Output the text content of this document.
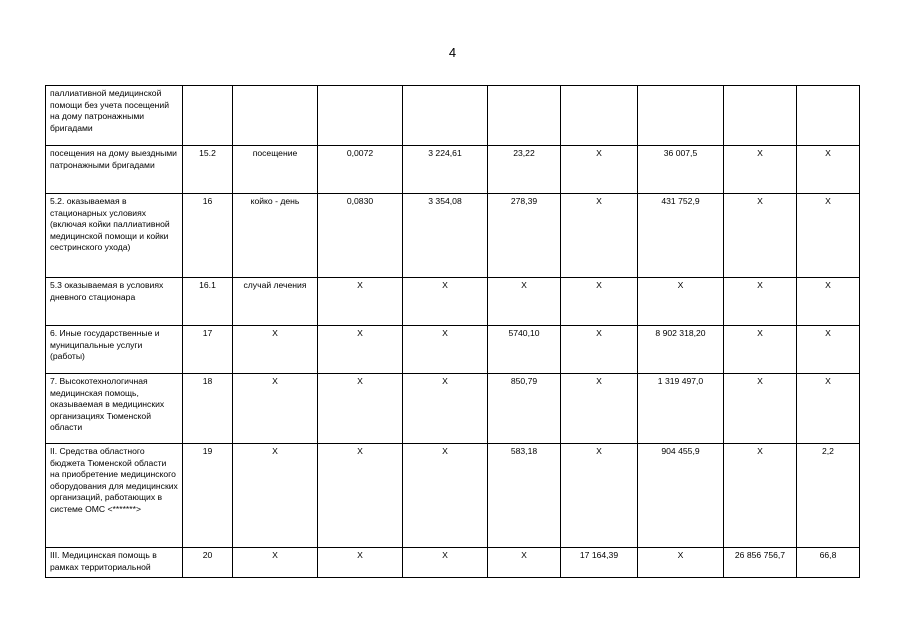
4
паллиативной медицинской помощи без учета посещений на дому патронажными бригадами									
посещения на дому выездными патронажными бригадами	15.2	посещение	0,0072	3 224,61	23,22	X	36 007,5	X	X
5.2. оказываемая в стационарных условиях (включая койки паллиативной медицинской помощи и койки сестринского ухода)	16	койко - день	0,0830	3 354,08	278,39	X	431 752,9	X	X
5.3 оказываемая в условиях дневного стационара	16.1	случай лечения	X	X	X	X	X	X	X
6. Иные государственные и муниципальные услуги (работы)	17	X	X	X	5740,10	X	8 902 318,20	X	X
7. Высокотехнологичная медицинская помощь, оказываемая в медицинских организациях Тюменской области	18	X	X	X	850,79	X	1 319 497,0	X	X
II. Средства областного бюджета Тюменской области на приобретение медицинского оборудования для медицинских организаций, работающих в системе ОМС <*******>	19	X	X	X	583,18	X	904 455,9	X	2,2
III. Медицинская помощь в рамках территориальной	20	X	X	X	X	17 164,39	X	26 856 756,7	66,8
